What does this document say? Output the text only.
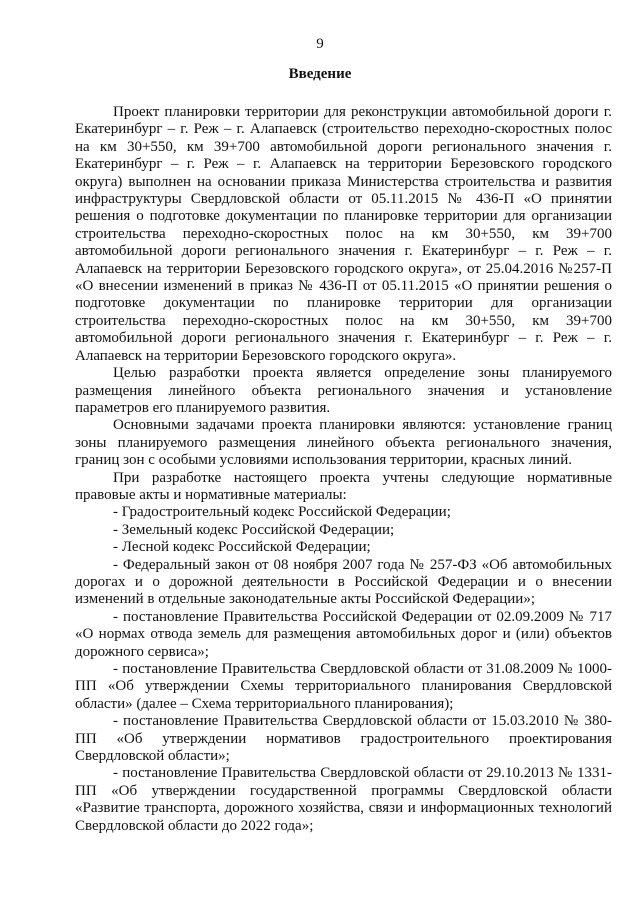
9
Введение

Проект планировки территории для реконструкции автомобильной дороги г. Екатеринбург – г. Реж – г. Алапаевск (строительство переходно-скоростных полос на км 30+550, км 39+700 автомобильной дороги регионального значения г. Екатеринбург – г. Реж – г. Алапаевск на территории Березовского городского округа) выполнен на основании приказа Министерства строительства и развития инфраструктуры Свердловской области от 05.11.2015 № 436-П «О принятии решения о подготовке документации по планировке территории для организации строительства переходно-скоростных полос на км 30+550, км 39+700 автомобильной дороги регионального значения г. Екатеринбург – г. Реж – г. Алапаевск на территории Березовского городского округа», от 25.04.2016 №257-П «О внесении изменений в приказ № 436-П от 05.11.2015 «О принятии решения о подготовке документации по планировке территории для организации строительства переходно-скоростных полос на км 30+550, км 39+700 автомобильной дороги регионального значения г. Екатеринбург – г. Реж – г. Алапаевск на территории Березовского городского округа».

Целью разработки проекта является определение зоны планируемого размещения линейного объекта регионального значения и установление параметров его планируемого развития.

Основными задачами проекта планировки являются: установление границ зоны планируемого размещения линейного объекта регионального значения, границ зон с особыми условиями использования территории, красных линий.

При разработке настоящего проекта учтены следующие нормативные правовые акты и нормативные материалы:

- Градостроительный кодекс Российской Федерации;

- Земельный кодекс Российской Федерации;

- Лесной кодекс Российской Федерации;

- Федеральный закон от 08 ноября 2007 года № 257-ФЗ «Об автомобильных дорогах и о дорожной деятельности в Российской Федерации и о внесении изменений в отдельные законодательные акты Российской Федерации»;

- постановление Правительства Российской Федерации от 02.09.2009 № 717 «О нормах отвода земель для размещения автомобильных дорог и (или) объектов дорожного сервиса»;

- постановление Правительства Свердловской области от 31.08.2009 № 1000-ПП «Об утверждении Схемы территориального планирования Свердловской области» (далее – Схема территориального планирования);

- постановление Правительства Свердловской области от 15.03.2010 № 380-ПП «Об утверждении нормативов градостроительного проектирования Свердловской области»;

- постановление Правительства Свердловской области от 29.10.2013 № 1331-ПП «Об утверждении государственной программы Свердловской области «Развитие транспорта, дорожного хозяйства, связи и информационных технологий Свердловской области до 2022 года»;
